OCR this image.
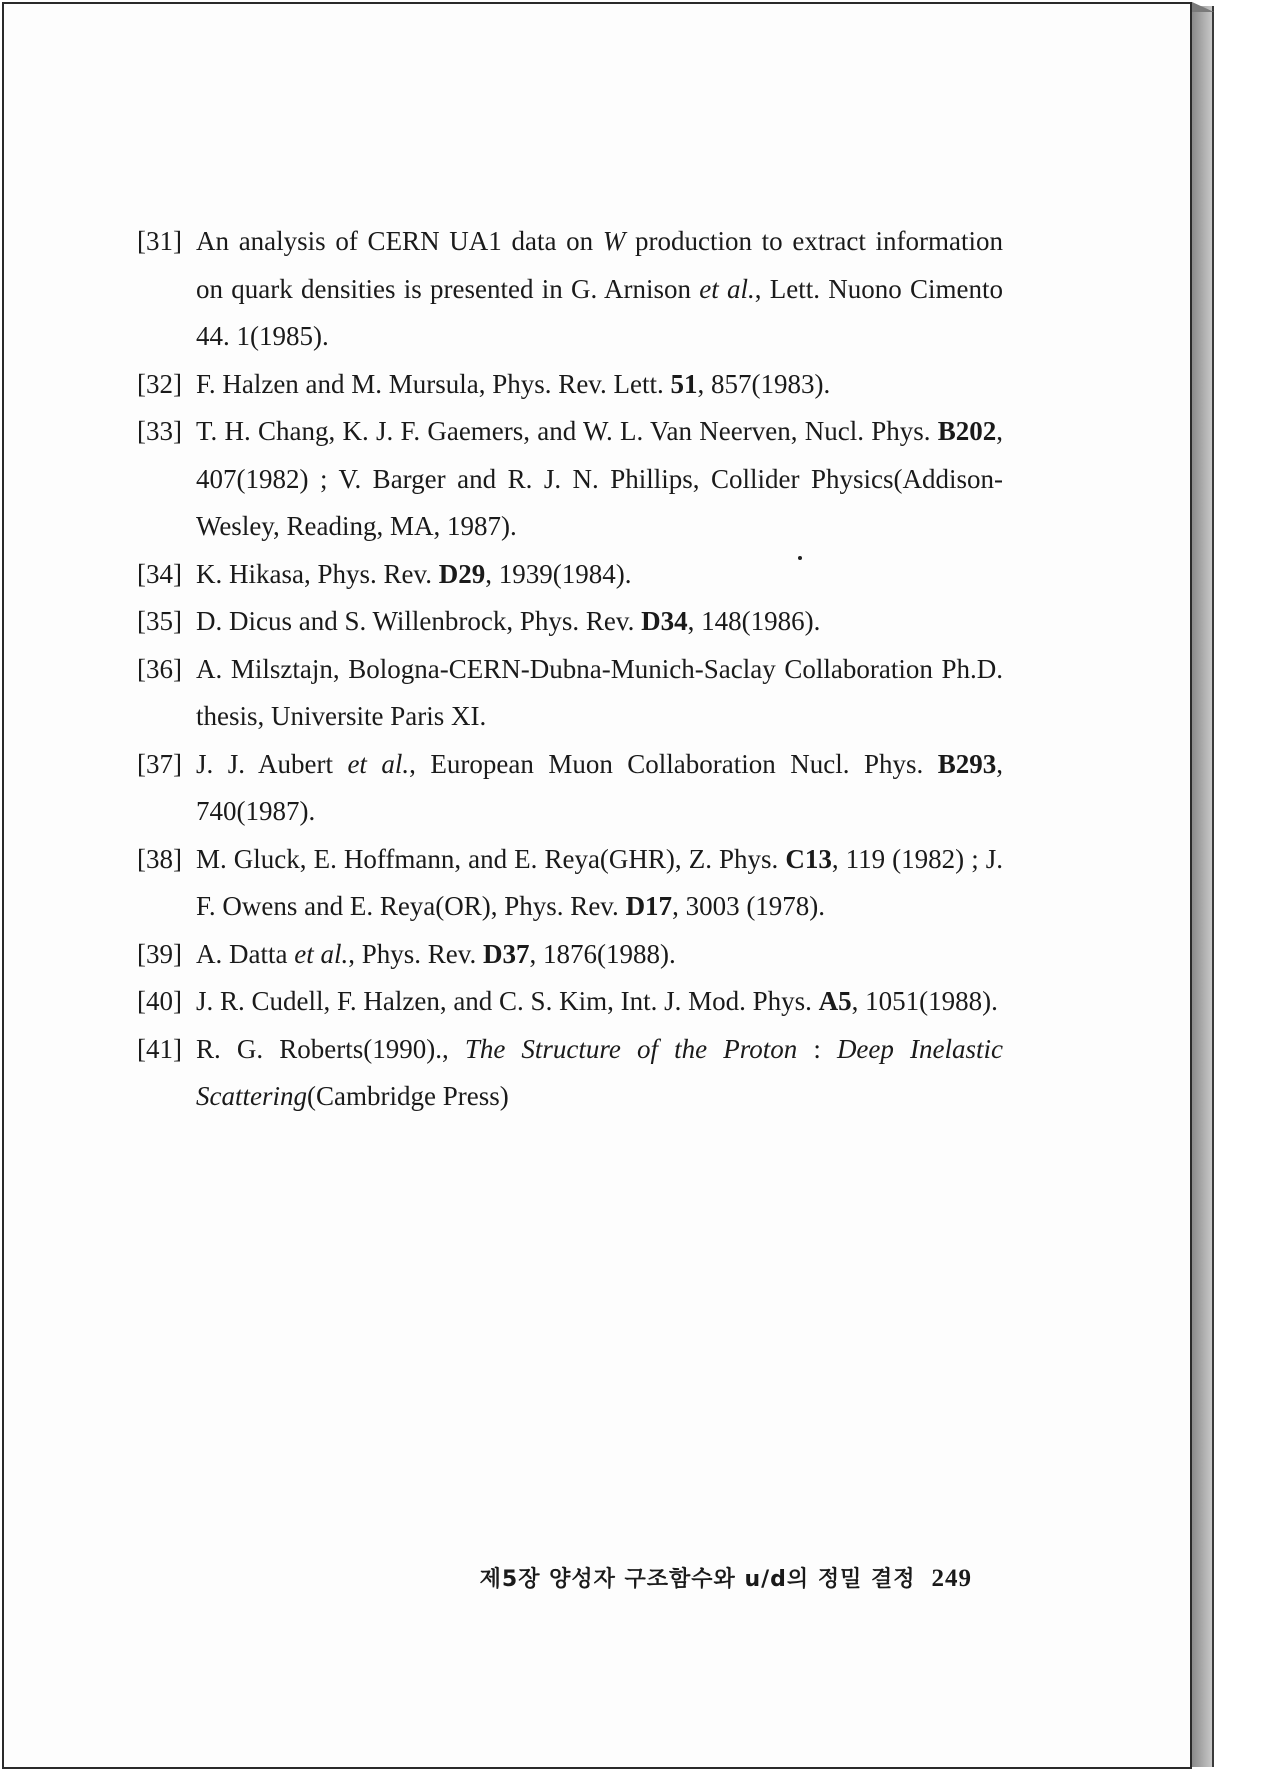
[31] An analysis of CERN UA1 data on W production to extract information on quark densities is presented in G. Arnison et al., Lett. Nuono Cimento 44. 1(1985).
[32] F. Halzen and M. Mursula, Phys. Rev. Lett. 51, 857(1983).
[33] T. H. Chang, K. J. F. Gaemers, and W. L. Van Neerven, Nucl. Phys. B202, 407(1982) ; V. Barger and R. J. N. Phillips, Collider Physics(Addison-Wesley, Reading, MA, 1987).
[34] K. Hikasa, Phys. Rev. D29, 1939(1984).
[35] D. Dicus and S. Willenbrock, Phys. Rev. D34, 148(1986).
[36] A. Milsztajn, Bologna-CERN-Dubna-Munich-Saclay Collaboration Ph.D. thesis, Universite Paris XI.
[37] J. J. Aubert et al., European Muon Collaboration Nucl. Phys. B293, 740(1987).
[38] M. Gluck, E. Hoffmann, and E. Reya(GHR), Z. Phys. C13, 119 (1982) ; J. F. Owens and E. Reya(OR), Phys. Rev. D17, 3003 (1978).
[39] A. Datta et al., Phys. Rev. D37, 1876(1988).
[40] J. R. Cudell, F. Halzen, and C. S. Kim, Int. J. Mod. Phys. A5, 1051(1988).
[41] R. G. Roberts(1990)., The Structure of the Proton : Deep Inelastic Scattering(Cambridge Press)
제5장 양성자 구조함수와 u/d의 정밀 결정 249
